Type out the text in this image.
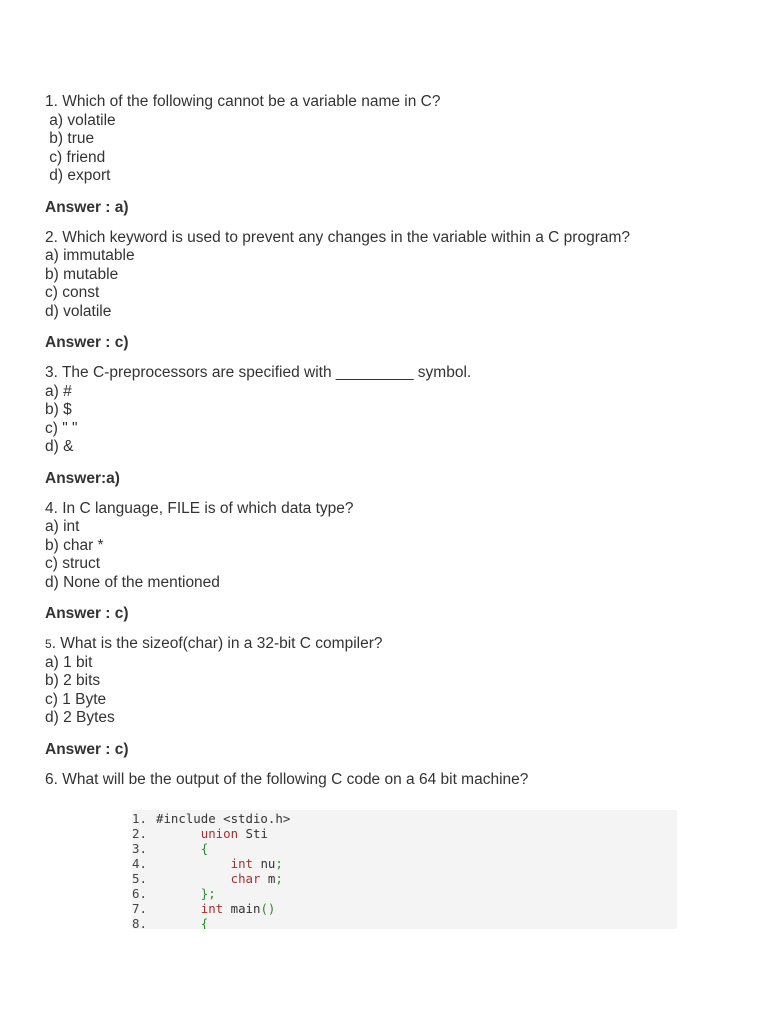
1. Which of the following cannot be a variable name in C?
a) volatile
b) true
c) friend
d) export
Answer : a)
2. Which keyword is used to prevent any changes in the variable within a C program?
a) immutable
b) mutable
c) const
d) volatile
Answer : c)
3. The C-preprocessors are specified with _________ symbol.
a) #
b) $
c) " "
d) &
Answer:a)
4. In C language, FILE is of which data type?
a) int
b) char *
c) struct
d) None of the mentioned
Answer : c)
5. What is the sizeof(char) in a 32-bit C compiler?
a) 1 bit
b) 2 bits
c) 1 Byte
d) 2 Bytes
Answer : c)
6. What will be the output of the following C code on a 64 bit machine?
1. #include <stdio.h>
2.	union Sti
3.	{
4.	int nu;
5.	char m;
6.	};
7.	int main()
8.	{
